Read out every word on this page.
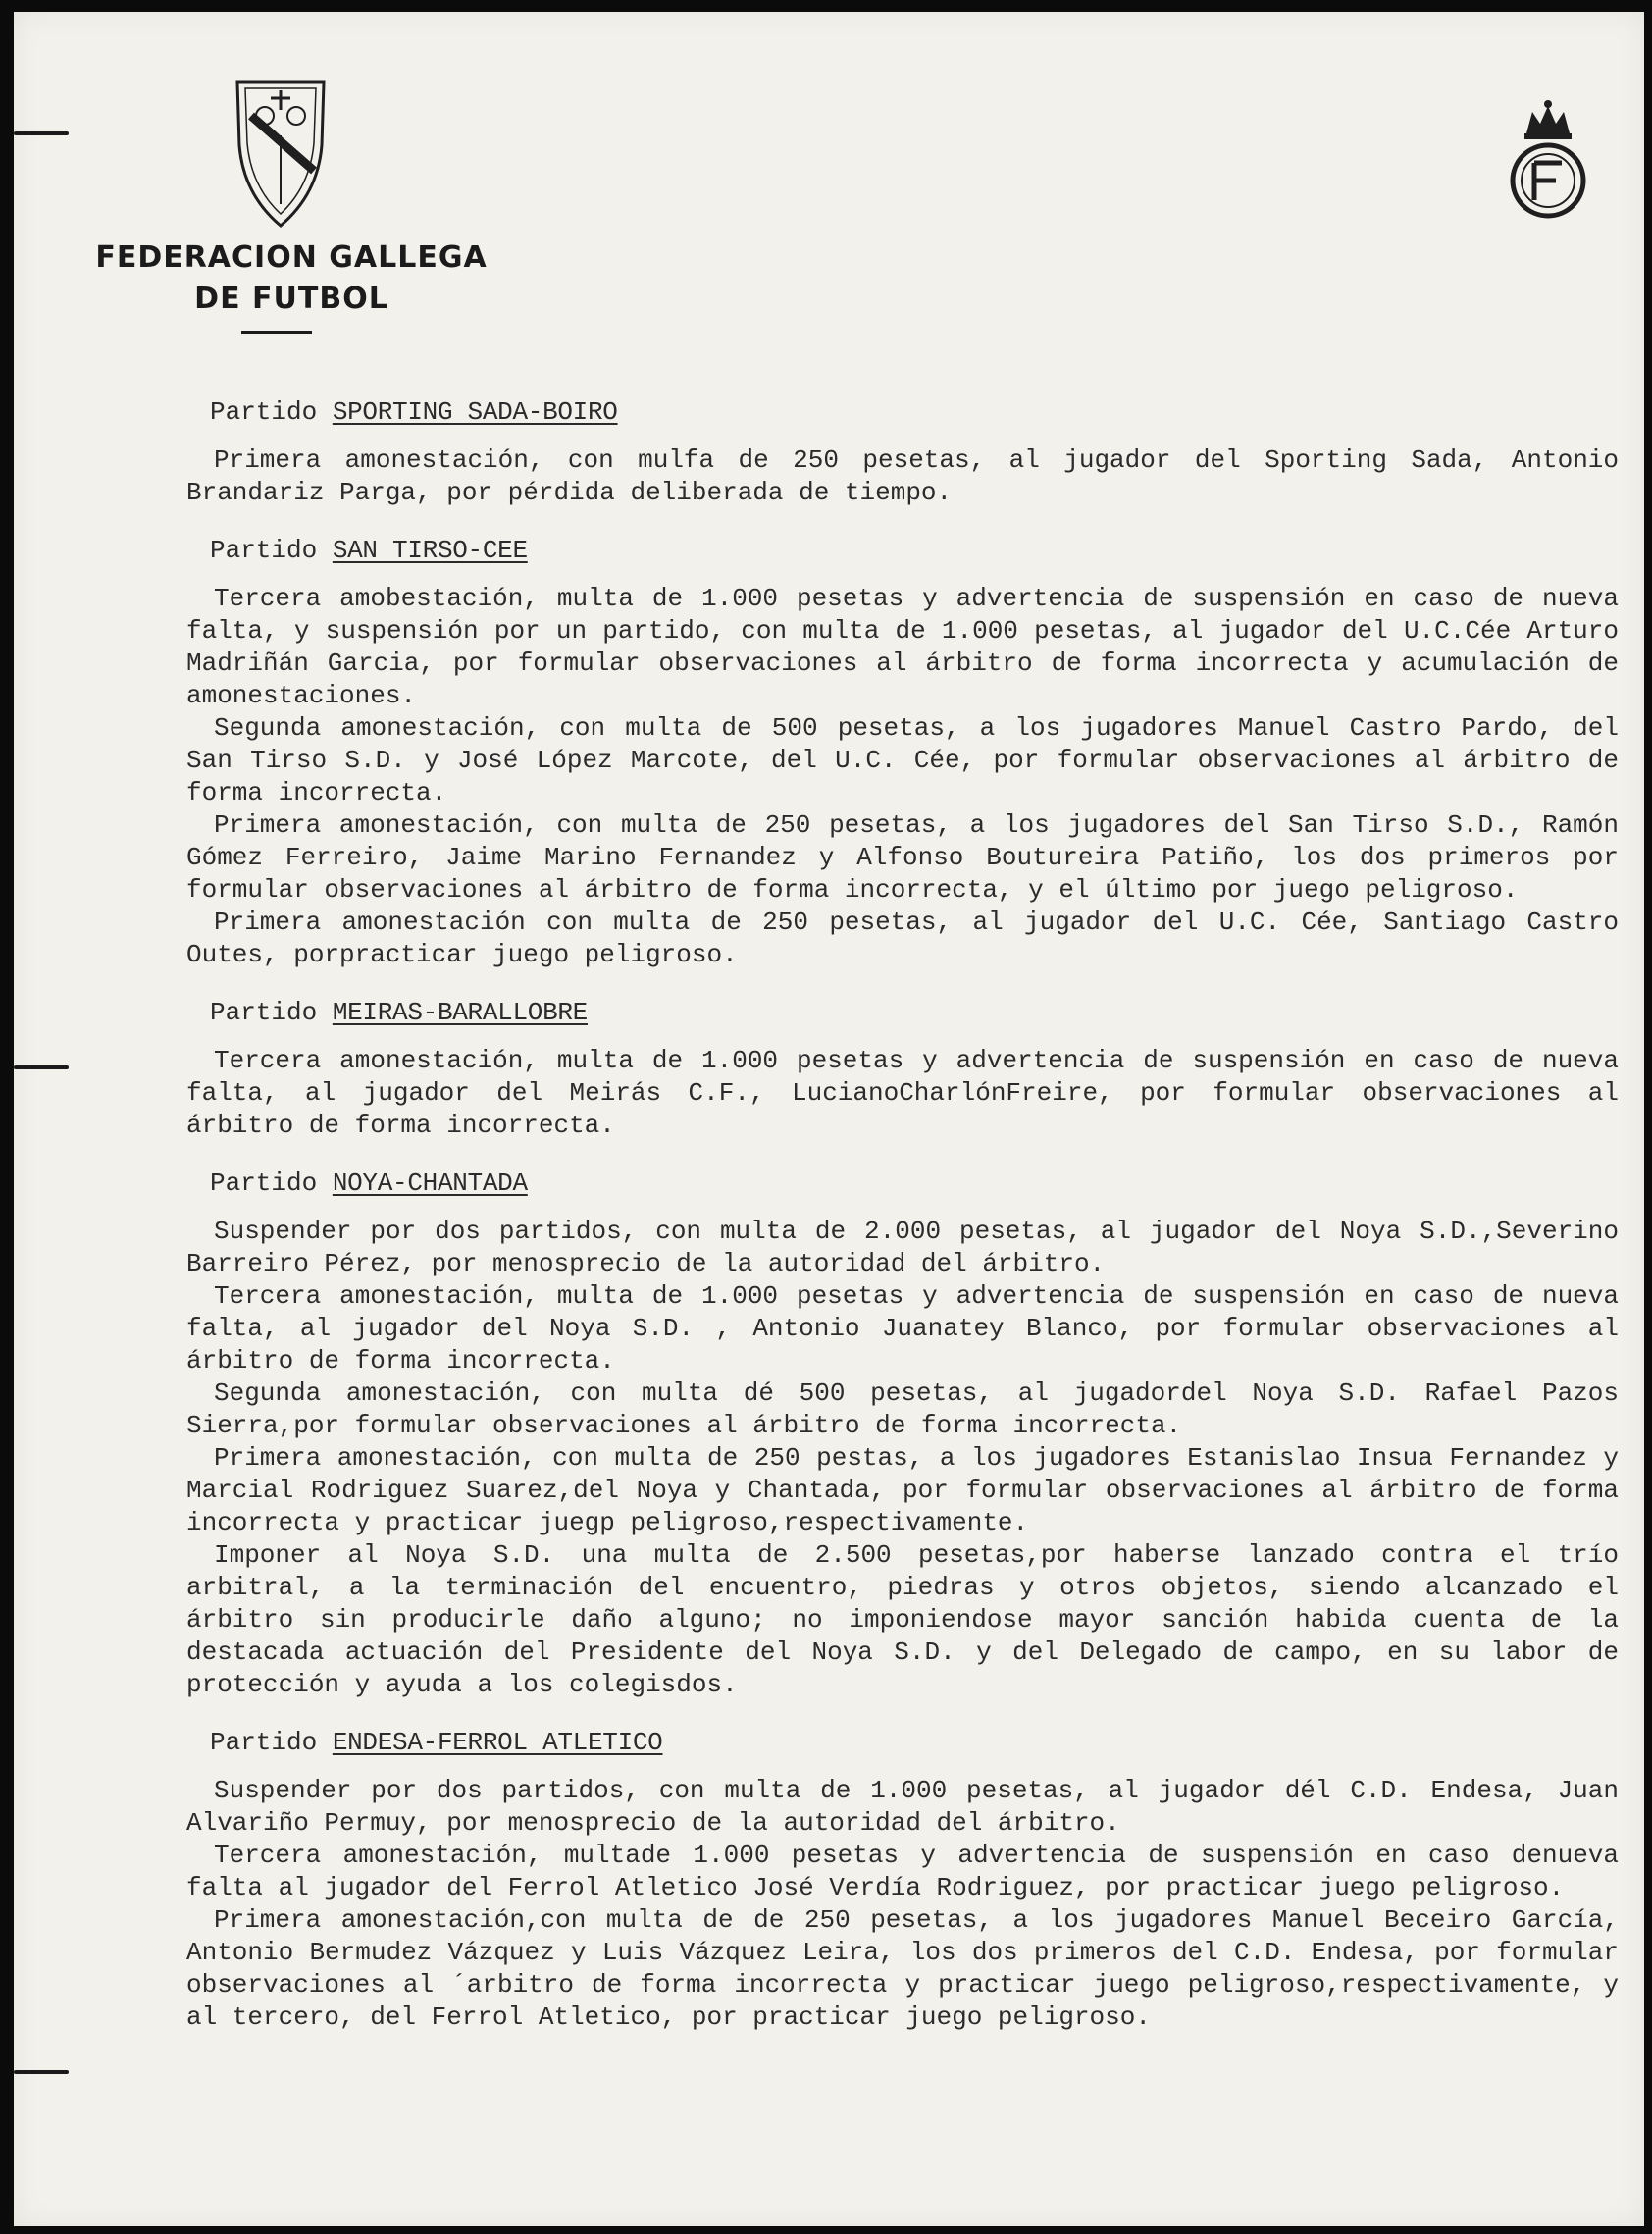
FEDERACION GALLEGA
DE FUTBOL
Partido SPORTING SADA-BOIRO
Primera amonestación, con mulfa de 250 pesetas, al jugador del Sporting Sada, Antonio Brandariz Parga, por pérdida deliberada de tiempo.
Partido SAN TIRSO-CEE
Tercera amobestación, multa de 1.000 pesetas y advertencia de suspensión en caso de nueva falta, y suspensión por un partido, con multa de 1.000 pesetas, al jugador del U.C.Cée Arturo Madriñán Garcia, por formular observaciones al árbitro de forma incorrecta y acumulación de amonestaciones.
Segunda amonestación, con multa de 500 pesetas, a los jugadores Manuel Castro Pardo, del San Tirso S.D. y José López Marcote, del U.C. Cée, por formular observaciones al árbitro de forma incorrecta.
Primera amonestación, con multa de 250 pesetas, a los jugadores del San Tirso S.D., Ramón Gómez Ferreiro, Jaime Marino Fernandez y Alfonso Boutureira Patiño, los dos primeros por formular observaciones al árbitro de forma incorrecta, y el último por juego peligroso.
Primera amonestación con multa de 250 pesetas, al jugador del U.C. Cée, Santiago Castro Outes, porpracticar juego peligroso.
Partido MEIRAS-BARALLOBRE
Tercera amonestación, multa de 1.000 pesetas y advertencia de suspensión en caso de nueva falta, al jugador del Meirás C.F., LucianoCharlónFreire, por formular observaciones al árbitro de forma incorrecta.
Partido NOYA-CHANTADA
Suspender por dos partidos, con multa de 2.000 pesetas, al jugador del Noya S.D.,Severino Barreiro Pérez, por menosprecio de la autoridad del árbitro.
Tercera amonestación, multa de 1.000 pesetas y advertencia de suspensión en caso de nueva falta, al jugador del Noya S.D. , Antonio Juanatey Blanco, por formular observaciones al árbitro de forma incorrecta.
Segunda amonestación, con multa dé 500 pesetas, al jugadordel Noya S.D. Rafael Pazos Sierra,por formular observaciones al árbitro de forma incorrecta.
Primera amonestación, con multa de 250 pestas, a los jugadores Estanislao Insua Fernandez y Marcial Rodriguez Suarez,del Noya y Chantada, por formular observaciones al árbitro de forma incorrecta y practicar juegp peligroso,respectivamente.
Imponer al Noya S.D. una multa de 2.500 pesetas,por haberse lanzado contra el trío arbitral, a la terminación del encuentro, piedras y otros objetos, siendo alcanzado el árbitro sin producirle daño alguno; no imponiendose mayor sanción habida cuenta de la destacada actuación del Presidente del Noya S.D. y del Delegado de campo, en su labor de protección y ayuda a los colegisdos.
Partido ENDESA-FERROL ATLETICO
Suspender por dos partidos, con multa de 1.000 pesetas, al jugador dél C.D. Endesa, Juan Alvariño Permuy, por menosprecio de la autoridad del árbitro.
Tercera amonestación, multade 1.000 pesetas y advertencia de suspensión en caso denueva falta al jugador del Ferrol Atletico José Verdía Rodriguez, por practicar juego peligroso.
Primera amonestación,con multa de de 250 pesetas, a los jugadores Manuel Beceiro García, Antonio Bermudez Vázquez y Luis Vázquez Leira, los dos primeros del C.D. Endesa, por formular observaciones al ´arbitro de forma incorrecta y practicar juego peligroso,respectivamente, y al tercero, del Ferrol Atletico, por practicar juego peligroso.
